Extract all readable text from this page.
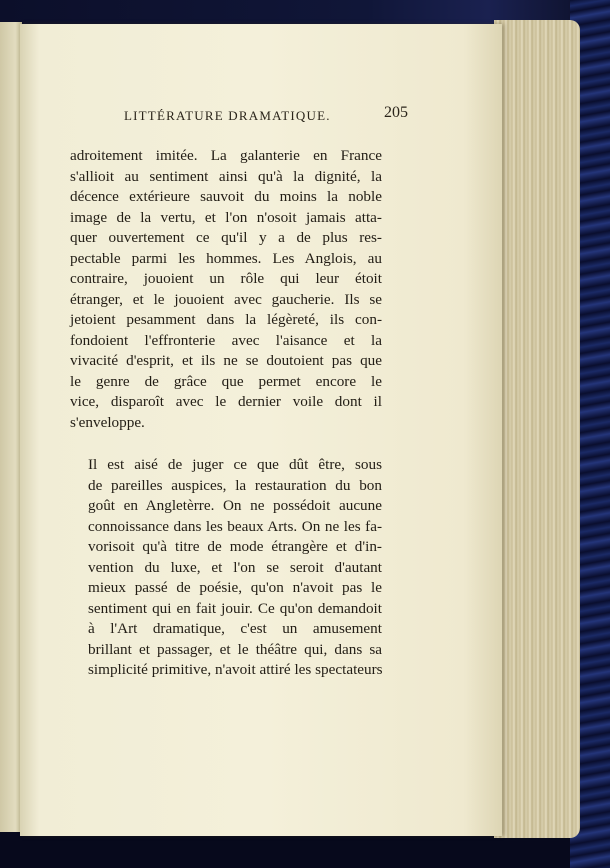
LITTÉRATURE DRAMATIQUE.	205

adroitement imitée. La galanterie en France
s'allioit au sentiment ainsi qu'à la dignité, la
décence extérieure sauvoit du moins la noble
image de la vertu, et l'on n'osoit jamais atta-
quer ouvertement ce qu'il y a de plus res-
pectable parmi les hommes. Les Anglois, au
contraire, jouoient un rôle qui leur étoit
étranger, et le jouoient avec gaucherie. Ils se
jetoient pesamment dans la légèreté, ils con-
fondoient l'effronterie avec l'aisance et la
vivacité d'esprit, et ils ne se doutoient pas que
le genre de grâce que permet encore le
vice, disparoît avec le dernier voile dont il
s'enveloppe.

Il est aisé de juger ce que dût être, sous
de pareilles auspices, la restauration du bon
goût en Angletèrre. On ne possédoit aucune
connoissance dans les beaux Arts. On ne les fa-
vorisoit qu'à titre de mode étrangère et d'in-
vention du luxe, et l'on se seroit d'autant
mieux passé de poésie, qu'on n'avoit pas le
sentiment qui en fait jouir. Ce qu'on demandoit
à l'Art dramatique, c'est un amusement
brillant et passager, et le théâtre qui, dans sa
simplicité primitive, n'avoit attiré les spectateurs
